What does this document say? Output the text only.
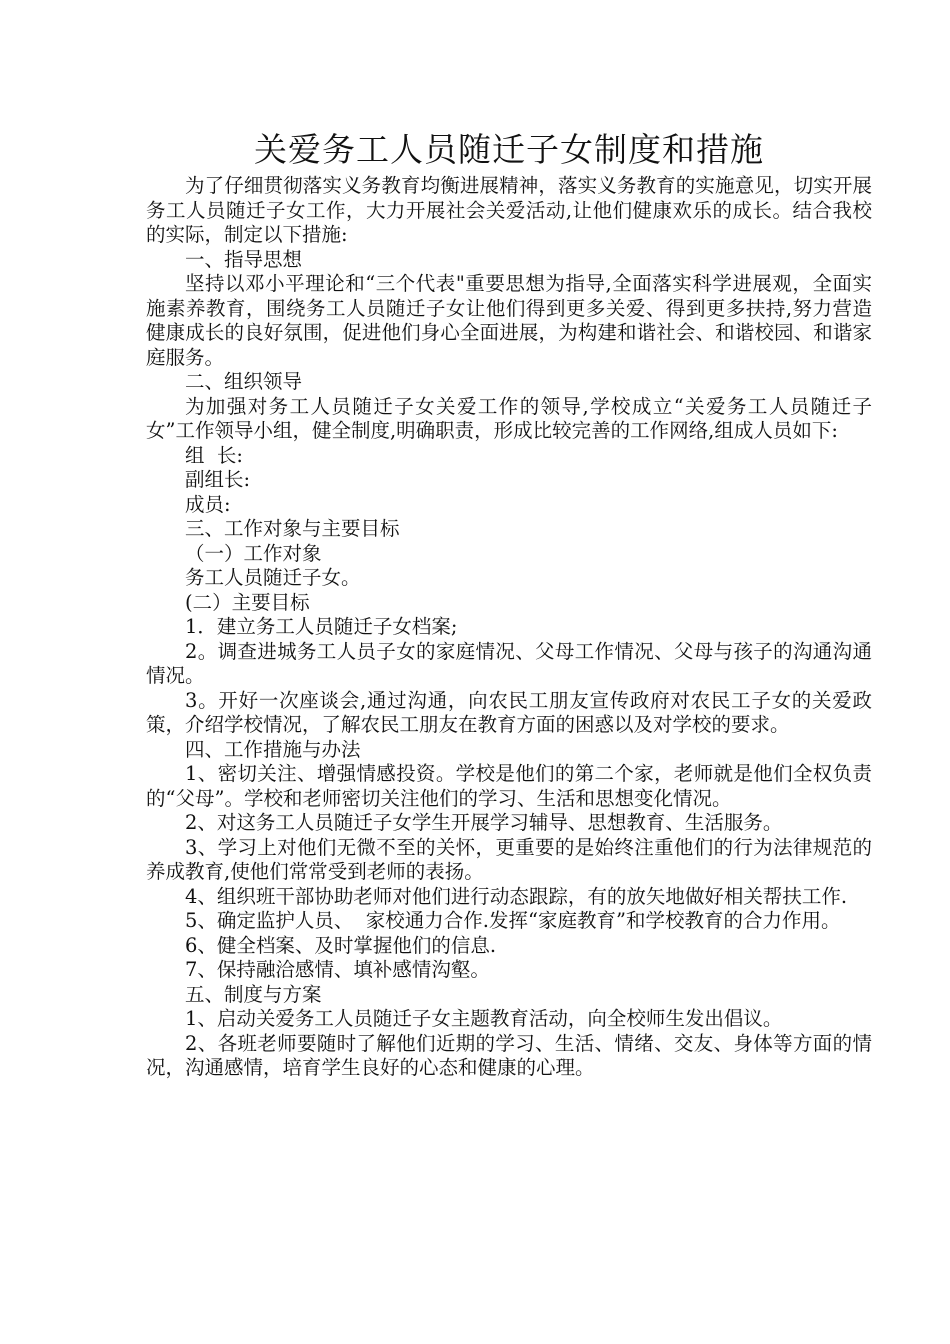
关爱务工人员随迁子女制度和措施

为了仔细贯彻落实义务教育均衡进展精神，落实义务教育的实施意见，切实开展务工人员随迁子女工作，大力开展社会关爱活动,让他们健康欢乐的成长。结合我校的实际，制定以下措施:

一、指导思想

坚持以邓小平理论和“三个代表"重要思想为指导,全面落实科学进展观，全面实施素养教育，围绕务工人员随迁子女让他们得到更多关爱、得到更多扶持,努力营造健康成长的良好氛围，促进他们身心全面进展，为构建和谐社会、和谐校园、和谐家庭服务。

二、组织领导

为加强对务工人员随迁子女关爱工作的领导,学校成立“关爱务工人员随迁子女”工作领导小组，健全制度,明确职责，形成比较完善的工作网络,组成人员如下:

组  长:

副组长:

成员:

三、工作对象与主要目标

（一）工作对象

务工人员随迁子女。

(二）主要目标

1．建立务工人员随迁子女档案;

2。调查进城务工人员子女的家庭情况、父母工作情况、父母与孩子的沟通沟通情况。

3。开好一次座谈会,通过沟通，向农民工朋友宣传政府对农民工子女的关爱政策，介绍学校情况，了解农民工朋友在教育方面的困惑以及对学校的要求。

四、工作措施与办法

1、密切关注、增强情感投资。学校是他们的第二个家，老师就是他们全权负责的“父母”。学校和老师密切关注他们的学习、生活和思想变化情况。

2、对这务工人员随迁子女学生开展学习辅导、思想教育、生活服务。

3、学习上对他们无微不至的关怀，更重要的是始终注重他们的行为法律规范的养成教育,使他们常常受到老师的表扬。

4、组织班干部协助老师对他们进行动态跟踪，有的放矢地做好相关帮扶工作.

5、确定监护人员、  家校通力合作.发挥“家庭教育”和学校教育的合力作用。

6、健全档案、及时掌握他们的信息.

7、保持融洽感情、填补感情沟壑。

五、制度与方案

1、启动关爱务工人员随迁子女主题教育活动，向全校师生发出倡议。

2、各班老师要随时了解他们近期的学习、生活、情绪、交友、身体等方面的情况，沟通感情，培育学生良好的心态和健康的心理。
